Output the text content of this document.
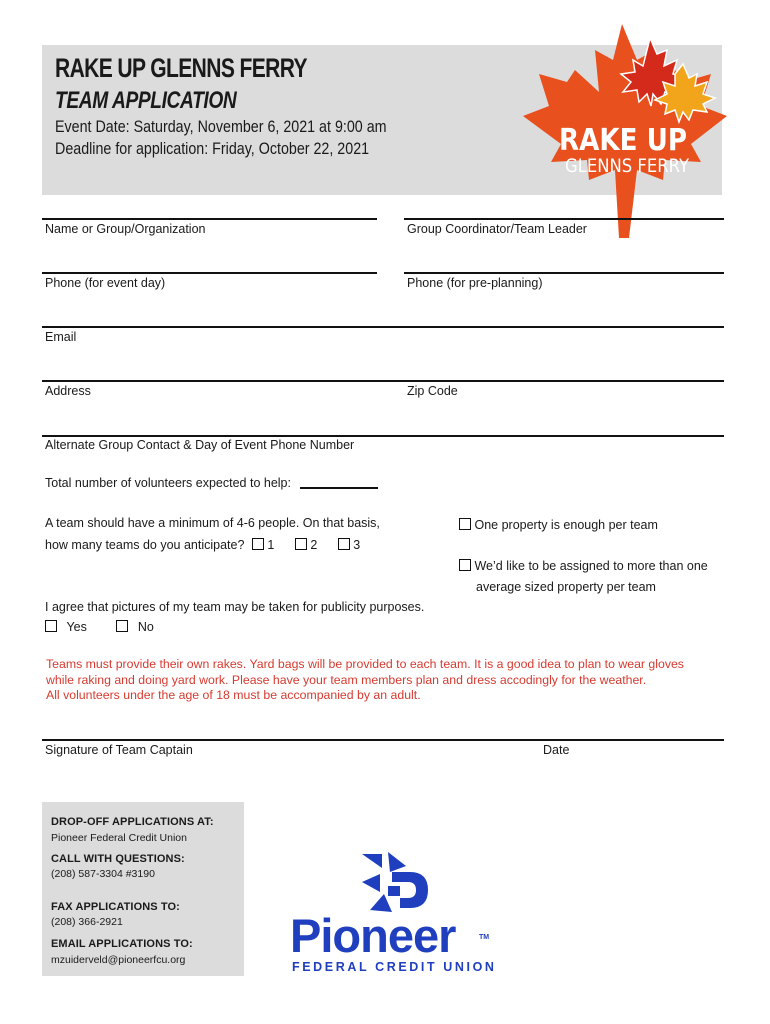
RAKE UP GLENNS FERRY
TEAM APPLICATION
Event Date: Saturday, November 6, 2021 at 9:00 am
Deadline for application: Friday, October 22, 2021	RAKE UP
GLENNS FERRY
Name or Group/Organization	Group Coordinator/Team Leader
Phone (for event day)	Phone (for pre-planning)
Email
Address	Zip Code
Alternate Group Contact & Day of Event Phone Number
Total number of volunteers expected to help:
A team should have a minimum of 4-6 people. On that basis,
how many teams do you anticipate? 1	2	3
One property is enough per team
We’d like to be assigned to more than one
average sized property per team
I agree that pictures of my team may be taken for publicity purposes.
Yes	No
Teams must provide their own rakes. Yard bags will be provided to each team. It is a good idea to plan to wear gloves
while raking and doing yard work. Please have your team members plan and dress accodingly for the weather.
All volunteers under the age of 18 must be accompanied by an adult.
Signature of Team Captain	Date
DROP-OFF APPLICATIONS AT:
Pioneer Federal Credit Union
CALL WITH QUESTIONS:
(208) 587-3304 #3190
FAX APPLICATIONS TO:
(208) 366-2921
EMAIL APPLICATIONS TO:
mzuiderveld@pioneerfcu.org Pioneer	TM
FEDERAL CREDIT UNION
